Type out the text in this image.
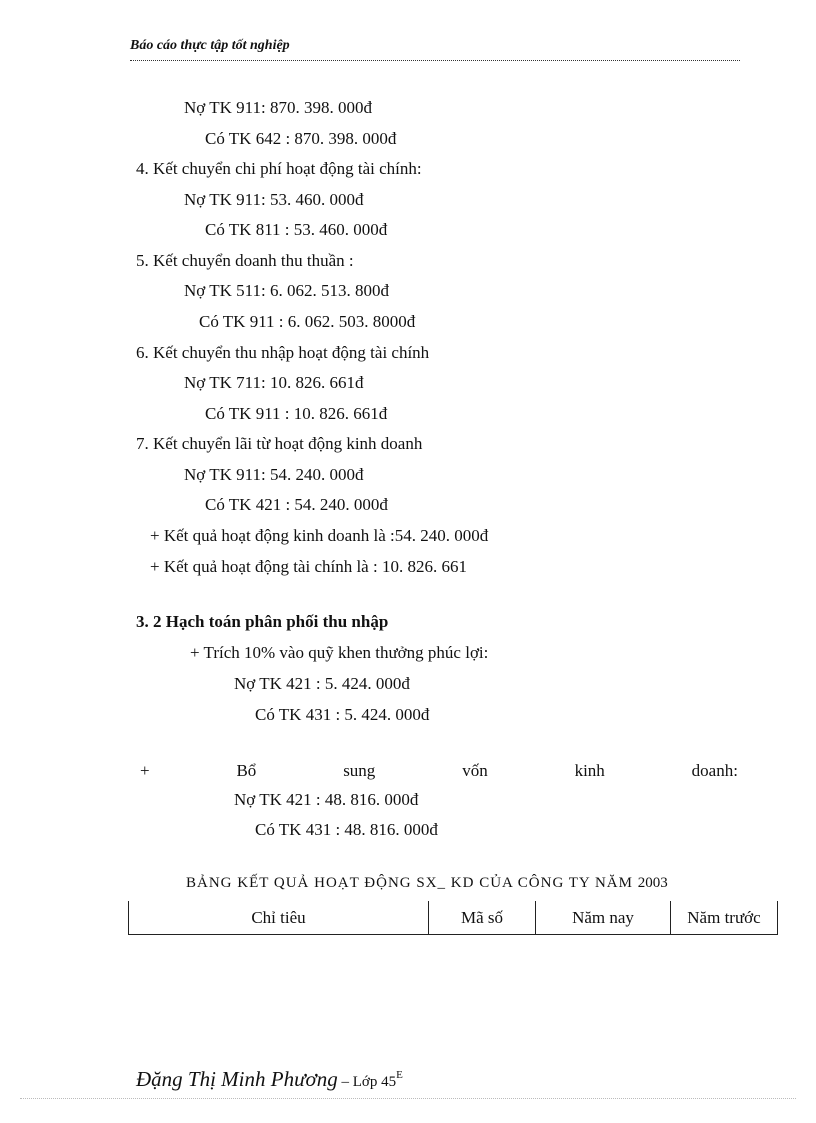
Báo cáo thực tập tốt nghiệp
Nợ TK 911: 870. 398. 000đ
Có TK 642 : 870. 398. 000đ
4. Kết chuyển chi phí hoạt động tài chính:
Nợ TK 911: 53. 460. 000đ
Có TK 811 : 53. 460. 000đ
5. Kết chuyển doanh thu thuần :
Nợ TK 511: 6. 062. 513. 800đ
Có TK 911 : 6. 062. 503. 8000đ
6. Kết chuyển thu nhập hoạt động tài chính
Nợ TK 711: 10. 826. 661đ
Có TK 911 : 10. 826. 661đ
7. Kết chuyển lãi từ hoạt động kinh doanh
Nợ TK 911: 54. 240. 000đ
Có TK 421 : 54. 240. 000đ
+ Kết quả hoạt động kinh doanh là :54. 240. 000đ
+ Kết quả hoạt động tài chính là : 10. 826. 661
3. 2 Hạch toán phân phối thu nhập
+ Trích 10% vào quỹ khen thưởng phúc lợi:
Nợ TK 421 : 5. 424. 000đ
Có TK 431 : 5. 424. 000đ
+	Bổ	sung	vốn	kinh	doanh:
Nợ TK 421 : 48. 816. 000đ
Có TK 431 : 48. 816. 000đ
BẢNG KẾT QUẢ HOẠT ĐỘNG SX_ KD CỦA CÔNG TY NĂM 2003
Chỉ tiêu	Mã số	Năm nay	Năm trước
Đặng Thị Minh Phương – Lớp $45^E$
